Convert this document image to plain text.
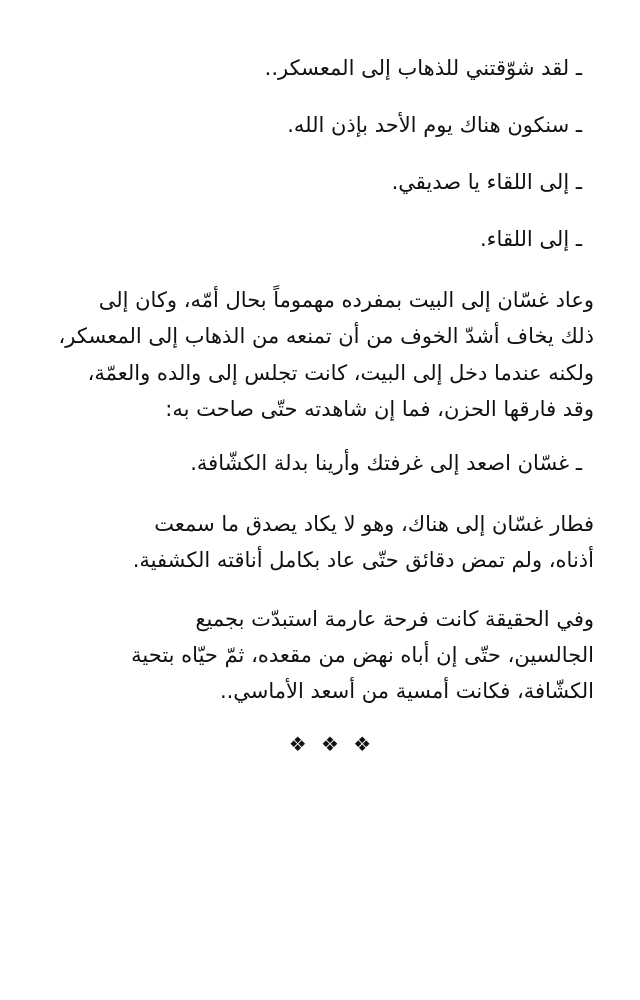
ـ لقد شوّقتني للذهاب إلى المعسكر..
ـ سنكون هناك يوم الأحد بإذن الله.
ـ إلى اللقاء يا صديقي.
ـ إلى اللقاء.
وعاد غسّان إلى البيت بمفرده مهموماً بحال أمّه، وكان إلى
ذلك يخاف أشدّ الخوف من أن تمنعه من الذهاب إلى المعسكر،
ولكنه عندما دخل إلى البيت، كانت تجلس إلى والده والعمّة،
وقد فارقها الحزن، فما إن شاهدته حتّى صاحت به:
ـ غسّان اصعد إلى غرفتك وأرينا بدلة الكشّافة.
فطار غسّان إلى هناك، وهو لا يكاد يصدق ما سمعت
أذناه، ولم تمض دقائق حتّى عاد بكامل أناقته الكشفية.
وفي الحقيقة كانت فرحة عارمة استبدّت بجميع
الجالسين، حتّى إن أباه نهض من مقعده، ثمّ حيّاه بتحية
الكشّافة، فكانت أمسية من أسعد الأماسي..
❖ ❖ ❖
